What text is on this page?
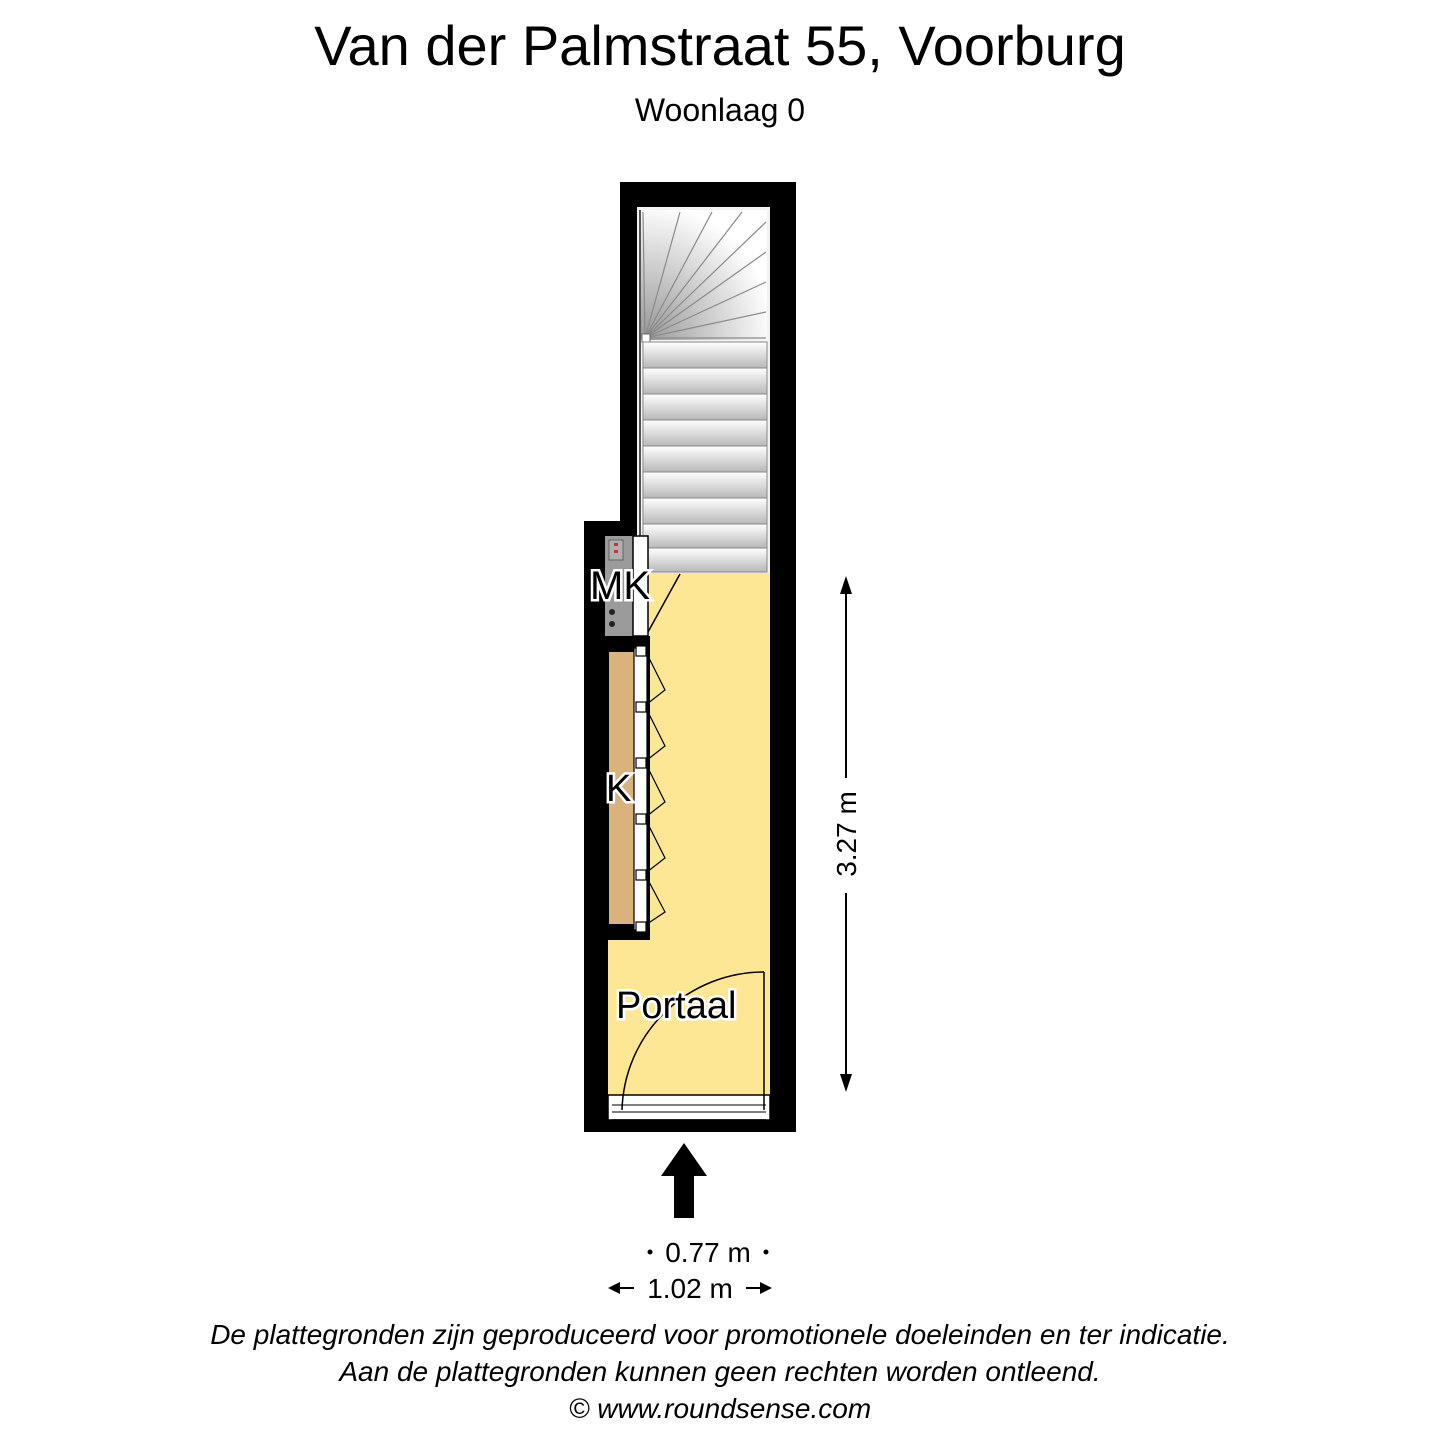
Van der Palmstraat 55, Voorburg
Woonlaag 0
MK
K
Portaal
3.27 m
0.77 m
1.02 m
De plattegronden zijn geproduceerd voor promotionele doeleinden en ter indicatie.
Aan de plattegronden kunnen geen rechten worden ontleend.
© www.roundsense.com
